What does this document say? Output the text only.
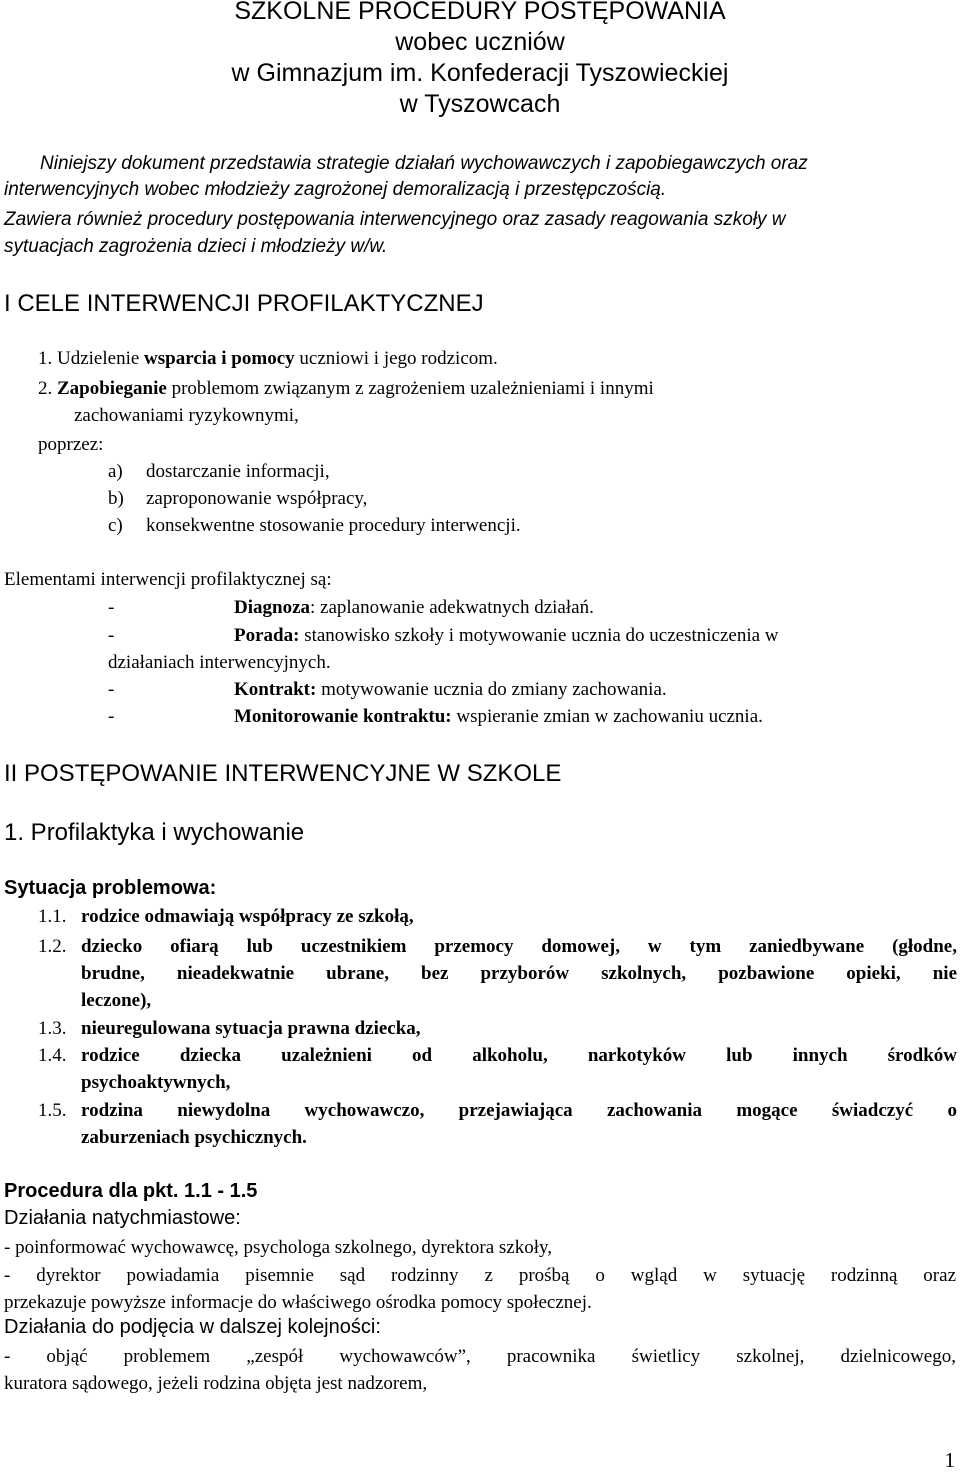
SZKOLNE PROCEDURY POSTĘPOWANIA
wobec uczniów
w Gimnazjum im. Konfederacji Tyszowieckiej
w Tyszowcach
Niniejszy dokument przedstawia strategie działań wychowawczych i zapobiegawczych oraz
interwencyjnych wobec młodzieży zagrożonej demoralizacją i przestępczością.
Zawiera również procedury postępowania interwencyjnego oraz zasady reagowania szkoły w
sytuacjach zagrożenia dzieci i młodzieży w/w.
I CELE INTERWENCJI PROFILAKTYCZNEJ
1. Udzielenie wsparcia i pomocy uczniowi i jego rodzicom.
2. Zapobieganie problemom związanym z zagrożeniem uzależnieniami i innymi
zachowaniami ryzykownymi,
poprzez:
a) dostarczanie informacji,
b) zaproponowanie współpracy,
c) konsekwentne stosowanie procedury interwencji.
Elementami interwencji profilaktycznej są:
-	Diagnoza: zaplanowanie adekwatnych działań.
-	Porada: stanowisko szkoły i motywowanie ucznia do uczestniczenia w
działaniach interwencyjnych.
-	Kontrakt: motywowanie ucznia do zmiany zachowania.
-	Monitorowanie kontraktu: wspieranie zmian w zachowaniu ucznia.
II POSTĘPOWANIE INTERWENCYJNE W SZKOLE
1. Profilaktyka i wychowanie
Sytuacja problemowa:
1.1. rodzice odmawiają współpracy ze szkołą,
1.2. dziecko ofiarą lub uczestnikiem przemocy domowej, w tym zaniedbywane (głodne,
brudne, nieadekwatnie ubrane, bez przyborów szkolnych, pozbawione opieki, nie
leczone),
1.3. nieuregulowana sytuacja prawna dziecka,
1.4. rodzice dziecka uzależnieni od alkoholu, narkotyków lub innych środków
psychoaktywnych,
1.5. rodzina niewydolna wychowawczo, przejawiająca zachowania mogące świadczyć o
zaburzeniach psychicznych.
Procedura dla pkt. 1.1 - 1.5
Działania natychmiastowe:
- poinformować wychowawcę, psychologa szkolnego, dyrektora szkoły,
- dyrektor powiadamia pisemnie sąd rodzinny z prośbą o wgląd w sytuację rodzinną oraz
przekazuje powyższe informacje do właściwego ośrodka pomocy społecznej.
Działania do podjęcia w dalszej kolejności:
- objąć problemem „zespół wychowawców”, pracownika świetlicy szkolnej, dzielnicowego,
kuratora sądowego, jeżeli rodzina objęta jest nadzorem,
1
